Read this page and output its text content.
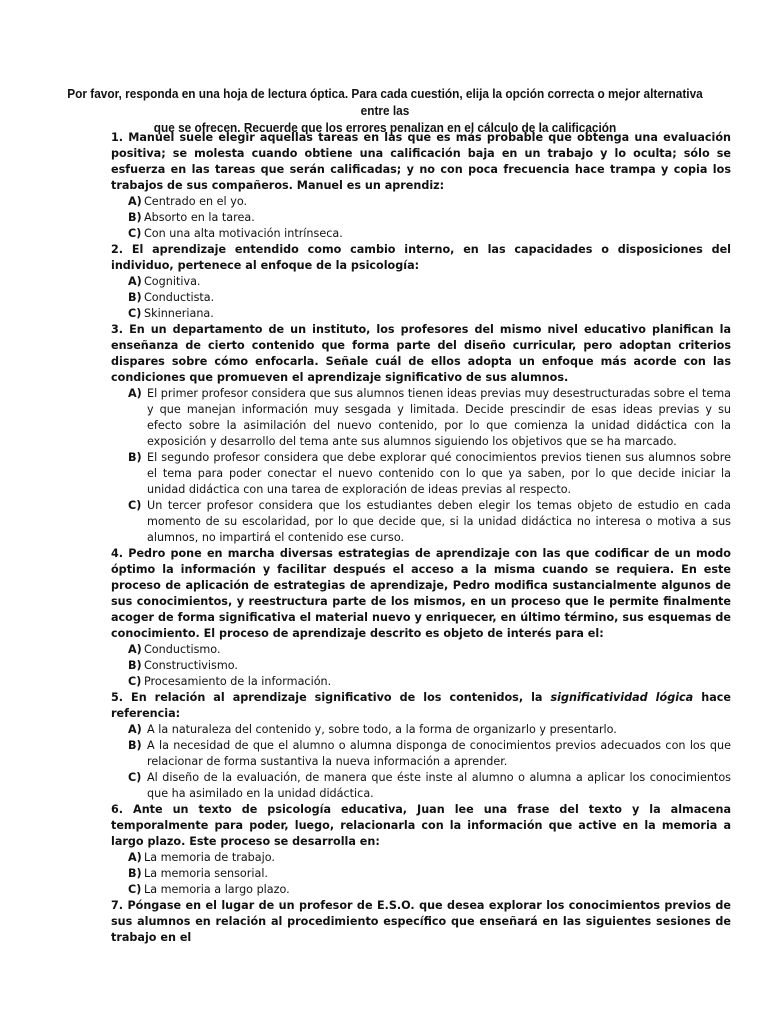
Por favor, responda en una hoja de lectura óptica. Para cada cuestión, elija la opción correcta o mejor alternativa entre las
que se ofrecen. Recuerde que los errores penalizan en el cálculo de la calificación

1. Manuel suele elegir aquellas tareas en las que es más probable que obtenga una evaluación positiva; se molesta cuando obtiene una calificación baja en un trabajo y lo oculta; sólo se esfuerza en las tareas que serán calificadas; y no con poca frecuencia hace trampa y copia los trabajos de sus compañeros. Manuel es un aprendiz:

A) Centrado en el yo.
B) Absorto en la tarea.
C) Con una alta motivación intrínseca.

2. El aprendizaje entendido como cambio interno, en las capacidades o disposiciones del individuo, pertenece al enfoque de la psicología:

A) Cognitiva.
B) Conductista.
C) Skinneriana.

3. En un departamento de un instituto, los profesores del mismo nivel educativo planifican la enseñanza de cierto contenido que forma parte del diseño curricular, pero adoptan criterios dispares sobre cómo enfocarla. Señale cuál de ellos adopta un enfoque más acorde con las condiciones que promueven el aprendizaje significativo de sus alumnos.

A) El primer profesor considera que sus alumnos tienen ideas previas muy desestructuradas sobre el tema y que manejan información muy sesgada y limitada. Decide prescindir de esas ideas previas y su efecto sobre la asimilación del nuevo contenido, por lo que comienza la unidad didáctica con la exposición y desarrollo del tema ante sus alumnos siguiendo los objetivos que se ha marcado.
B) El segundo profesor considera que debe explorar qué conocimientos previos tienen sus alumnos sobre el tema para poder conectar el nuevo contenido con lo que ya saben, por lo que decide iniciar la unidad didáctica con una tarea de exploración de ideas previas al respecto.
C) Un tercer profesor considera que los estudiantes deben elegir los temas objeto de estudio en cada momento de su escolaridad, por lo que decide que, si la unidad didáctica no interesa o motiva a sus alumnos, no impartirá el contenido ese curso.

4. Pedro pone en marcha diversas estrategias de aprendizaje con las que codificar de un modo óptimo la información y facilitar después el acceso a la misma cuando se requiera. En este proceso de aplicación de estrategias de aprendizaje, Pedro modifica sustancialmente algunos de sus conocimientos, y reestructura parte de los mismos, en un proceso que le permite finalmente acoger de forma significativa el material nuevo y enriquecer, en último término, sus esquemas de conocimiento. El proceso de aprendizaje descrito es objeto de interés para el:

A) Conductismo.
B) Constructivismo.
C) Procesamiento de la información.

5. En relación al aprendizaje significativo de los contenidos, la significatividad lógica hace referencia:

A) A la naturaleza del contenido y, sobre todo, a la forma de organizarlo y presentarlo.
B) A la necesidad de que el alumno o alumna disponga de conocimientos previos adecuados con los que relacionar de forma sustantiva la nueva información a aprender.
C) Al diseño de la evaluación, de manera que éste inste al alumno o alumna a aplicar los conocimientos que ha asimilado en la unidad didáctica.

6. Ante un texto de psicología educativa, Juan lee una frase del texto y la almacena temporalmente para poder, luego, relacionarla con la información que active en la memoria a largo plazo. Este proceso se desarrolla en:

A) La memoria de trabajo.
B) La memoria sensorial.
C) La memoria a largo plazo.

7. Póngase en el lugar de un profesor de E.S.O. que desea explorar los conocimientos previos de sus alumnos en relación al procedimiento específico que enseñará en las siguientes sesiones de trabajo en el
